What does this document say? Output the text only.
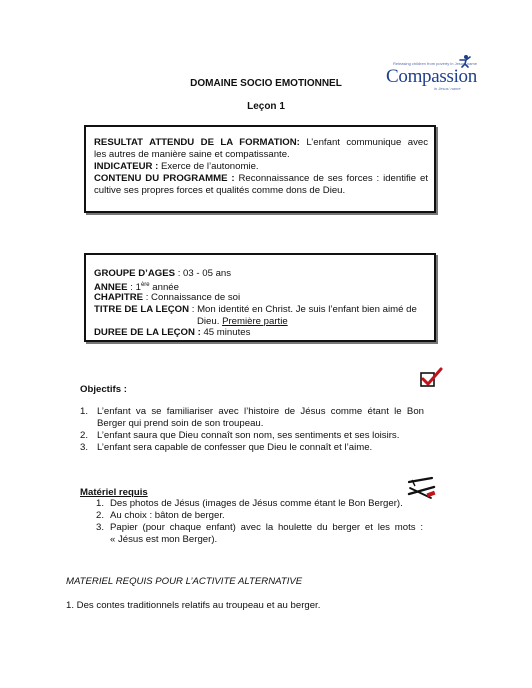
DOMAINE SOCIO EMOTIONNEL
Leçon 1
Releasing children from poverty in Jesus' name
Compassion
in Jesus' name
RESULTAT ATTENDU DE LA FORMATION: L’enfant communique avec
les autres de manière saine et compatissante.
INDICATEUR : Exerce de l’autonomie.
CONTENU DU PROGRAMME : Reconnaissance de ses forces : identifie et
cultive ses propres forces et qualités comme dons de Dieu.
GROUPE D’AGES : 03 - 05 ans
ANNEE : 1ère année
CHAPITRE : Connaissance de soi
TITRE DE LA LEÇON : Mon identité en Christ. Je suis l’enfant bien aimé de
Dieu. Première partie
DUREE DE LA LEÇON : 45 minutes
Objectifs :
1. L’enfant va se familiariser avec l’histoire de Jésus comme étant le Bon
Berger qui prend soin de son troupeau.
2. L’enfant saura que Dieu connaît son nom, ses sentiments et ses loisirs.
3. L’enfant sera capable de confesser que Dieu le connaît et l’aime.
Matériel requis
1. Des photos de Jésus (images de Jésus comme étant le Bon Berger).
2. Au choix : bâton de berger.
3. Papier (pour chaque enfant) avec la houlette du berger et les mots :
« Jésus est mon Berger).
MATERIEL REQUIS POUR L’ACTIVITE ALTERNATIVE
1. Des contes traditionnels relatifs au troupeau et au berger.
